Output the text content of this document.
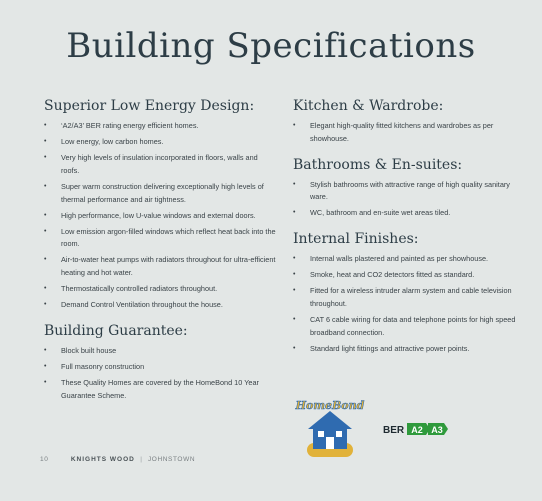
Building Specifications
Superior Low Energy Design:
• ‘A2/A3’ BER rating energy efficient homes.
• Low energy, low carbon homes.
• Very high levels of insulation incorporated in floors, walls and roofs.
• Super warm construction delivering exceptionally high levels of thermal performance and air tightness.
• High performance, low U-value windows and external doors.
• Low emission argon-filled windows which reflect heat back into the room.
• Air-to-water heat pumps with radiators throughout for ultra-efficient heating and hot water.
• Thermostatically controlled radiators throughout.
• Demand Control Ventilation throughout the house.
Building Guarantee:
• Block built house
• Full masonry construction
• These Quality Homes are covered by the HomeBond 10 Year Guarantee Scheme.
Kitchen & Wardrobe:
• Elegant high-quality fitted kitchens and wardrobes as per showhouse.
Bathrooms & En-suites:
• Stylish bathrooms with attractive range of high quality sanitary ware.
• WC, bathroom and en-suite wet areas tiled.
Internal Finishes:
• Internal walls plastered and painted as per showhouse.
• Smoke, heat and CO2 detectors fitted as standard.
• Fitted for a wireless intruder alarm system and cable television throughout.
• CAT 6 cable wiring for data and telephone points for high speed broadband connection.
• Standard light fittings and attractive power points.
HomeBond
BER A2 A3
10	KNIGHTS WOOD | JOHNSTOWN
